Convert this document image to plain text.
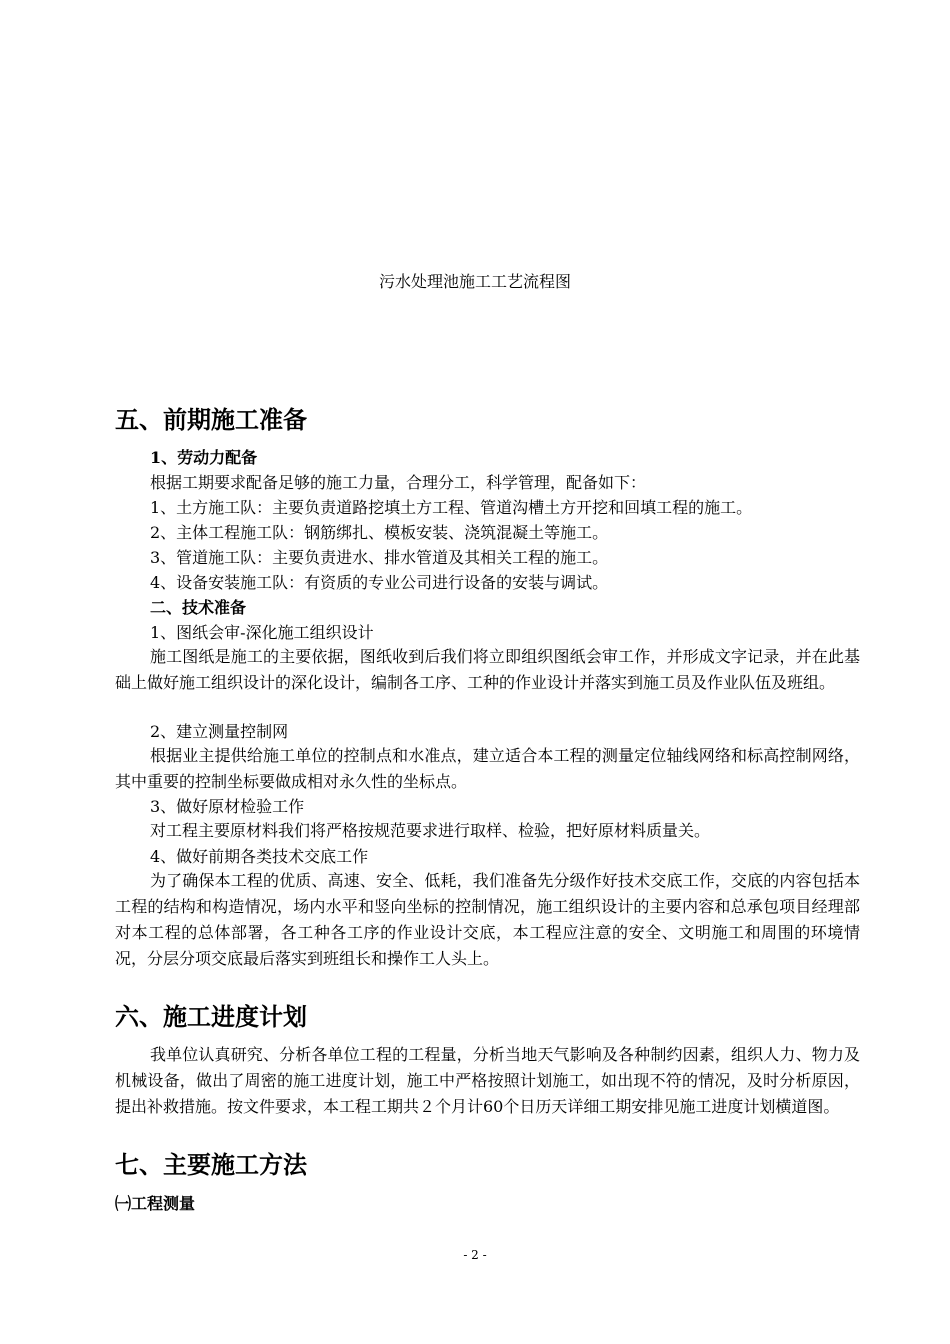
污水处理池施工工艺流程图
五、前期施工准备
1、劳动力配备
根据工期要求配备足够的施工力量，合理分工，科学管理，配备如下：
1、土方施工队：主要负责道路挖填土方工程、管道沟槽土方开挖和回填工程的施工。
2、主体工程施工队：钢筋绑扎、模板安装、浇筑混凝土等施工。
3、管道施工队：主要负责进水、排水管道及其相关工程的施工。
4、设备安装施工队：有资质的专业公司进行设备的安装与调试。
二、技术准备
1、图纸会审-深化施工组织设计
施工图纸是施工的主要依据，图纸收到后我们将立即组织图纸会审工作，并形成文字记录，并在此基础上做好施工组织设计的深化设计，编制各工序、工种的作业设计并落实到施工员及作业队伍及班组。
2、建立测量控制网
根据业主提供给施工单位的控制点和水准点，建立适合本工程的测量定位轴线网络和标高控制网络，其中重要的控制坐标要做成相对永久性的坐标点。
3、做好原材检验工作
对工程主要原材料我们将严格按规范要求进行取样、检验，把好原材料质量关。
4、做好前期各类技术交底工作
为了确保本工程的优质、高速、安全、低耗，我们准备先分级作好技术交底工作，交底的内容包括本工程的结构和构造情况，场内水平和竖向坐标的控制情况，施工组织设计的主要内容和总承包项目经理部对本工程的总体部署，各工种各工序的作业设计交底，本工程应注意的安全、文明施工和周围的环境情况，分层分项交底最后落实到班组长和操作工人头上。
六、施工进度计划
我单位认真研究、分析各单位工程的工程量，分析当地天气影响及各种制约因素，组织人力、物力及机械设备，做出了周密的施工进度计划，施工中严格按照计划施工，如出现不符的情况，及时分析原因，提出补救措施。按文件要求，本工程工期共２个月计60个日历天详细工期安排见施工进度计划横道图。
七、主要施工方法
㈠工程测量
- 2 -
